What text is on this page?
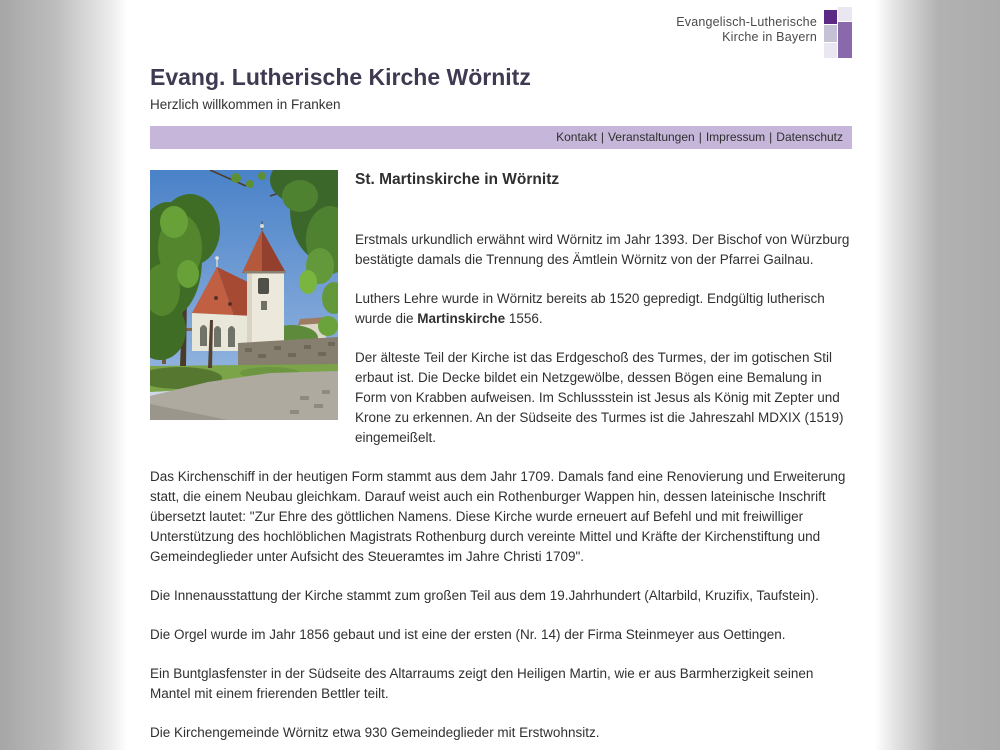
Evangelisch-Lutherische
Kirche in Bayern
Evang. Lutherische Kirche Wörnitz
Herzlich willkommen in Franken
Kontakt | Veranstaltungen | Impressum | Datenschutz
St. Martinskirche in Wörnitz

Erstmals urkundlich erwähnt wird Wörnitz im Jahr 1393. Der Bischof von Würzburg bestätigte damals die Trennung des Ämtlein Wörnitz von der Pfarrei Gailnau.

Luthers Lehre wurde in Wörnitz bereits ab 1520 gepredigt. Endgültig lutherisch wurde die Martinskirche 1556.

Der älteste Teil der Kirche ist das Erdgeschoß des Turmes, der im gotischen Stil erbaut ist. Die Decke bildet ein Netzgewölbe, dessen Bögen eine Bemalung in Form von Krabben aufweisen. Im Schlussstein ist Jesus als König mit Zepter und Krone zu erkennen. An der Südseite des Turmes ist die Jahreszahl MDXIX (1519) eingemeißelt.

Das Kirchenschiff in der heutigen Form stammt aus dem Jahr 1709. Damals fand eine Renovierung und Erweiterung statt, die einem Neubau gleichkam. Darauf weist auch ein Rothenburger Wappen hin, dessen lateinische Inschrift übersetzt lautet: "Zur Ehre des göttlichen Namens. Diese Kirche wurde erneuert auf Befehl und mit freiwilliger Unterstützung des hochlöblichen Magistrats Rothenburg durch vereinte Mittel und Kräfte der Kirchenstiftung und Gemeindeglieder unter Aufsicht des Steueramtes im Jahre Christi 1709".

Die Innenausstattung der Kirche stammt zum großen Teil aus dem 19.Jahrhundert (Altarbild, Kruzifix, Taufstein).

Die Orgel wurde im Jahr 1856 gebaut und ist eine der ersten (Nr. 14) der Firma Steinmeyer aus Oettingen.

Ein Buntglasfenster in der Südseite des Altarraums zeigt den Heiligen Martin, wie er aus Barmherzigkeit seinen Mantel mit einem frierenden Bettler teilt.

Die Kirchengemeinde Wörnitz etwa 930 Gemeindeglieder mit Erstwohnsitz.
